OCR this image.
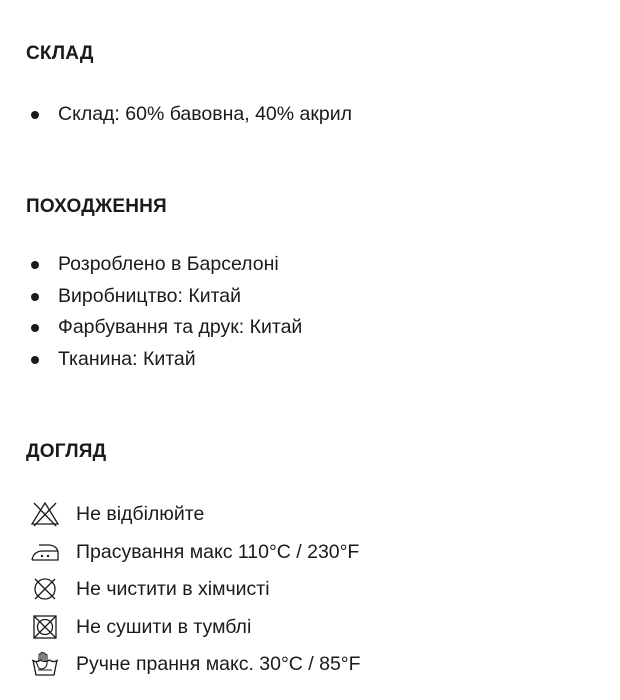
СКЛАД
Склад: 60% бавовна, 40% акрил
ПОХОДЖЕННЯ
Розроблено в Барселоні
Виробництво: Китай
Фарбування та друк: Китай
Тканина: Китай
ДОГЛЯД
Не відбілюйте
Прасування макс 110°C / 230°F
Не чистити в хімчисті
Не сушити в тумблі
Ручне прання макс. 30°C / 85°F
